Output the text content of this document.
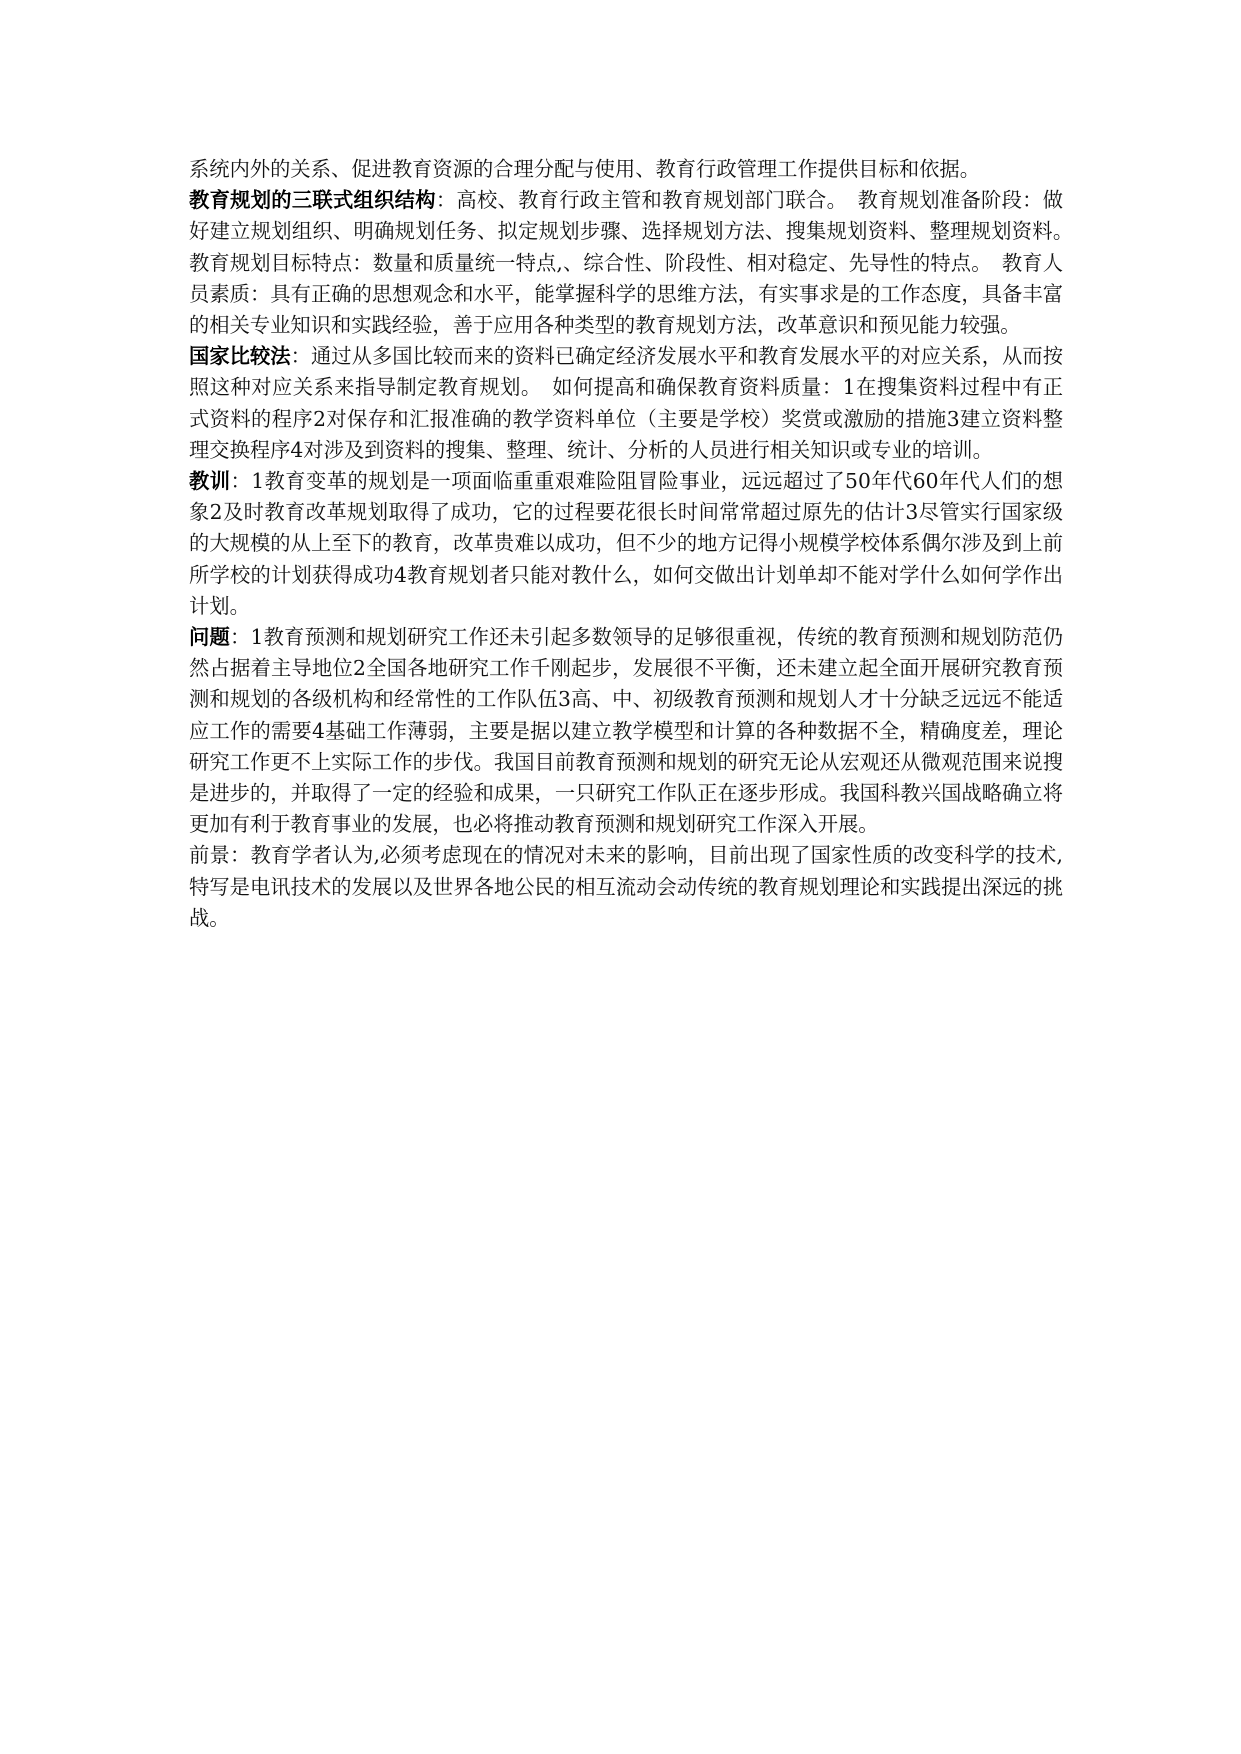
系统内外的关系、促进教育资源的合理分配与使用、教育行政管理工作提供目标和依据。

教育规划的三联式组织结构：高校、教育行政主管和教育规划部门联合。　教育规划准备阶段：做好建立规划组织、明确规划任务、拟定规划步骤、选择规划方法、搜集规划资料、整理规划资料。　教育规划目标特点：数量和质量统一特点,、综合性、阶段性、相对稳定、先导性的特点。　教育人员素质：具有正确的思想观念和水平，能掌握科学的思维方法，有实事求是的工作态度，具备丰富的相关专业知识和实践经验，善于应用各种类型的教育规划方法，改革意识和预见能力较强。

国家比较法：通过从多国比较而来的资料已确定经济发展水平和教育发展水平的对应关系，从而按照这种对应关系来指导制定教育规划。　如何提高和确保教育资料质量：1在搜集资料过程中有正式资料的程序2对保存和汇报准确的教学资料单位（主要是学校）奖赏或激励的措施3建立资料整理交换程序4对涉及到资料的搜集、整理、统计、分析的人员进行相关知识或专业的培训。

教训：1教育变革的规划是一项面临重重艰难险阻冒险事业，远远超过了50年代60年代人们的想象2及时教育改革规划取得了成功，它的过程要花很长时间常常超过原先的估计3尽管实行国家级的大规模的从上至下的教育，改革贵难以成功，但不少的地方记得小规模学校体系偶尔涉及到上前所学校的计划获得成功4教育规划者只能对教什么，如何交做出计划单却不能对学什么如何学作出计划。

问题：1教育预测和规划研究工作还未引起多数领导的足够很重视，传统的教育预测和规划防范仍然占据着主导地位2全国各地研究工作千刚起步，发展很不平衡，还未建立起全面开展研究教育预测和规划的各级机构和经常性的工作队伍3高、中、初级教育预测和规划人才十分缺乏远远不能适应工作的需要4基础工作薄弱，主要是据以建立教学模型和计算的各种数据不全，精确度差，理论研究工作更不上实际工作的步伐。我国目前教育预测和规划的研究无论从宏观还从微观范围来说搜是进步的，并取得了一定的经验和成果，一只研究工作队正在逐步形成。我国科教兴国战略确立将更加有利于教育事业的发展，也必将推动教育预测和规划研究工作深入开展。

前景：教育学者认为,必须考虑现在的情况对未来的影响，目前出现了国家性质的改变科学的技术,特写是电讯技术的发展以及世界各地公民的相互流动会动传统的教育规划理论和实践提出深远的挑战。
